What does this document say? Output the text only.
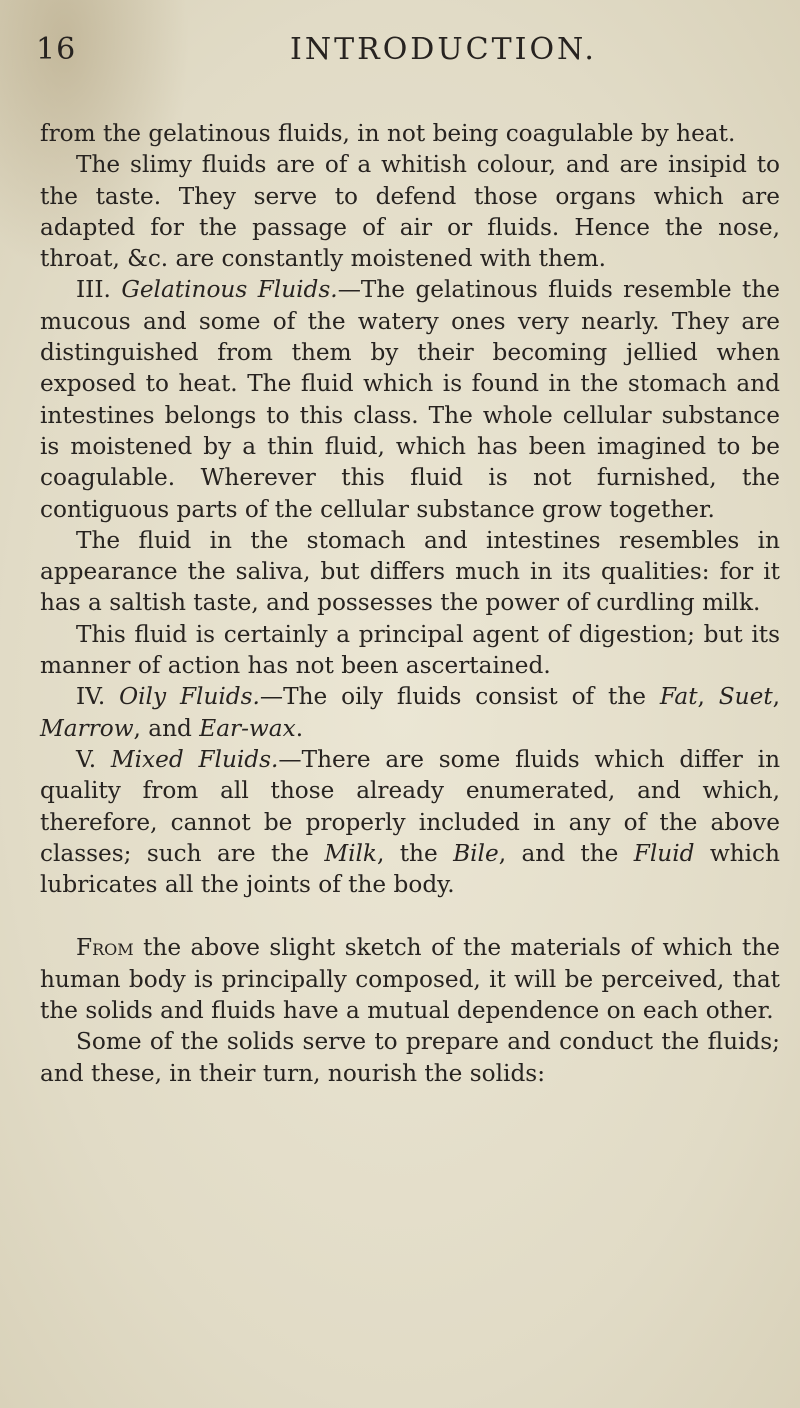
16	INTRODUCTION.

from the gelatinous fluids, in not being coagulable by heat.

The slimy fluids are of a whitish colour, and are insipid to the taste. They serve to defend those organs which are adapted for the passage of air or fluids. Hence the nose, throat, &c. are constantly moistened with them.

III. Gelatinous Fluids.—The gelatinous fluids resemble the mucous and some of the watery ones very nearly. They are distinguished from them by their becoming jellied when exposed to heat. The fluid which is found in the stomach and intestines belongs to this class. The whole cellular substance is moistened by a thin fluid, which has been imagined to be coagulable. Wherever this fluid is not furnished, the contiguous parts of the cellular substance grow together.

The fluid in the stomach and intestines resembles in appearance the saliva, but differs much in its qualities: for it has a saltish taste, and possesses the power of curdling milk.

This fluid is certainly a principal agent of digestion; but its manner of action has not been ascertained.

IV. Oily Fluids.—The oily fluids consist of the Fat, Suet, Marrow, and Ear-wax.

V. Mixed Fluids.—There are some fluids which differ in quality from all those already enumerated, and which, therefore, cannot be properly included in any of the above classes; such are the Milk, the Bile, and the Fluid which lubricates all the joints of the body.

From the above slight sketch of the materials of which the human body is principally composed, it will be perceived, that the solids and fluids have a mutual dependence on each other.

Some of the solids serve to prepare and conduct the fluids; and these, in their turn, nourish the solids:
